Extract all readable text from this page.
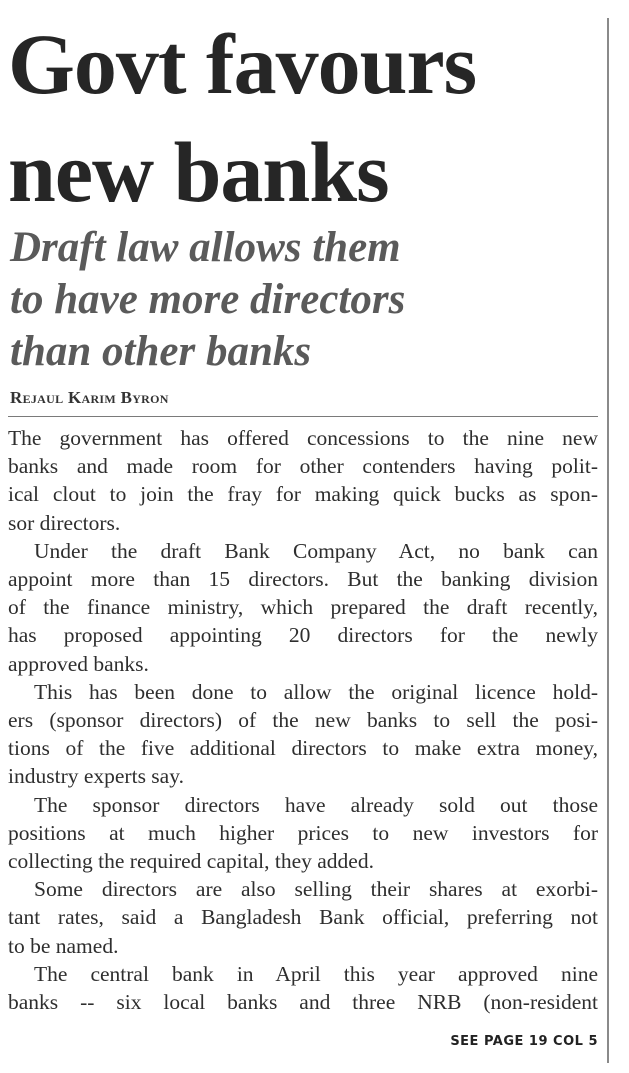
Govt favours
new banks
Draft law allows them
to have more directors
than other banks
Rejaul Karim Byron
The government has offered concessions to the nine new
banks and made room for other contenders having polit-
ical clout to join the fray for making quick bucks as spon-
sor directors.
Under the draft Bank Company Act, no bank can
appoint more than 15 directors. But the banking division
of the finance ministry, which prepared the draft recently,
has proposed appointing 20 directors for the newly
approved banks.
This has been done to allow the original licence hold-
ers (sponsor directors) of the new banks to sell the posi-
tions of the five additional directors to make extra money,
industry experts say.
The sponsor directors have already sold out those
positions at much higher prices to new investors for
collecting the required capital, they added.
Some directors are also selling their shares at exorbi-
tant rates, said a Bangladesh Bank official, preferring not
to be named.
The central bank in April this year approved nine
banks -- six local banks and three NRB (non-resident
SEE PAGE 19 COL 5
